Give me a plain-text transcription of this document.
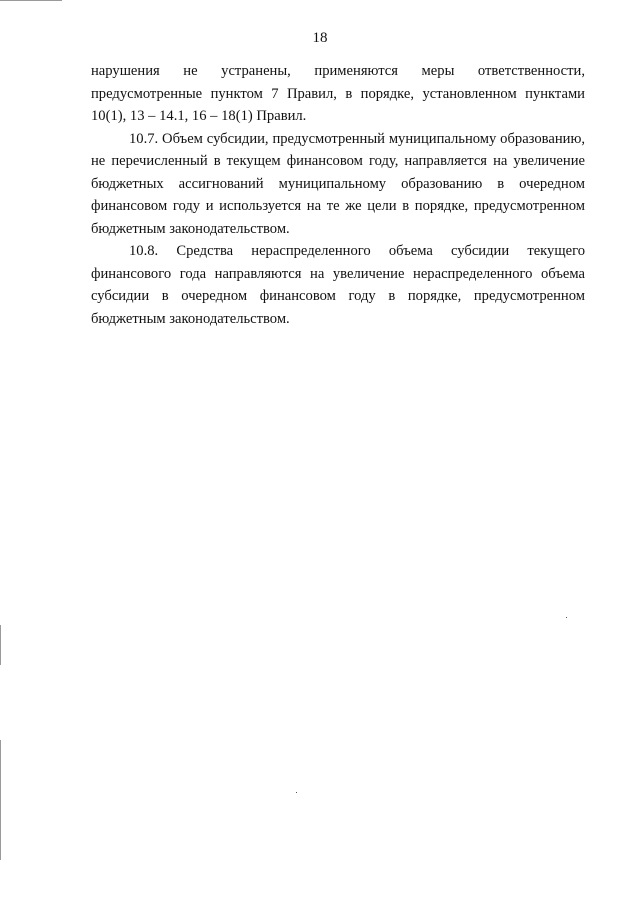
18

нарушения не устранены, применяются меры ответственности, предусмотренные пунктом 7 Правил, в порядке, установленном пунктами 10(1), 13 – 14.1, 16 – 18(1) Правил.

10.7. Объем субсидии, предусмотренный муниципальному образованию, не перечисленный в текущем финансовом году, направляется на увеличение бюджетных ассигнований муниципальному образованию в очередном финансовом году и используется на те же цели в порядке, предусмотренном бюджетным законодательством.

10.8. Средства нераспределенного объема субсидии текущего финансового года направляются на увеличение нераспределенного объема субсидии в очередном финансовом году в порядке, предусмотренном бюджетным законодательством.
